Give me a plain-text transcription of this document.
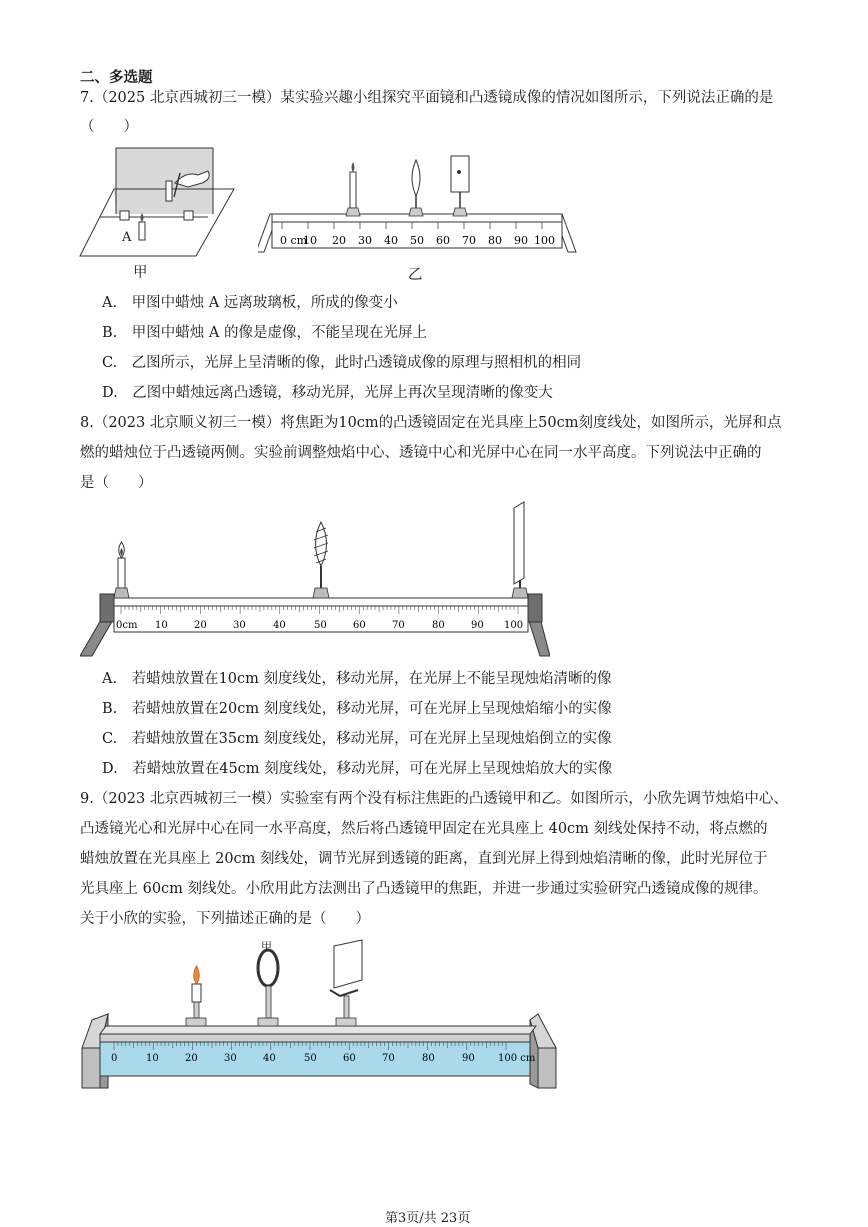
二、多选题
7.（2025 北京西城初三一模）某实验兴趣小组探究平面镜和凸透镜成像的情况如图所示，下列说法正确的是
（　　）
A
甲
0 cm
10 20 30 40 50 60 70 80 90 100
乙
A.　甲图中蜡烛 A 远离玻璃板，所成的像变小
B.　甲图中蜡烛 A 的像是虚像，不能呈现在光屏上
C.　乙图所示，光屏上呈清晰的像，此时凸透镜成像的原理与照相机的相同
D.　乙图中蜡烛远离凸透镜，移动光屏，光屏上再次呈现清晰的像变大
8.（2023 北京顺义初三一模）将焦距为10cm的凸透镜固定在光具座上50cm刻度线处，如图所示，光屏和点
燃的蜡烛位于凸透镜两侧。实验前调整烛焰中心、透镜中心和光屏中心在同一水平高度。下列说法中正确的
是（　　）
0cm 10	20	30	40	50	60	70	80	90 100
A.　若蜡烛放置在10cm 刻度线处，移动光屏，在光屏上不能呈现烛焰清晰的像
B.　若蜡烛放置在20cm 刻度线处，移动光屏，可在光屏上呈现烛焰缩小的实像
C.　若蜡烛放置在35cm 刻度线处，移动光屏，可在光屏上呈现烛焰倒立的实像
D.　若蜡烛放置在45cm 刻度线处，移动光屏，可在光屏上呈现烛焰放大的实像
9.（2023 北京西城初三一模）实验室有两个没有标注焦距的凸透镜甲和乙。如图所示，小欣先调节烛焰中心、
凸透镜光心和光屏中心在同一水平高度，然后将凸透镜甲固定在光具座上 40cm 刻线处保持不动，将点燃的
蜡烛放置在光具座上 20cm 刻线处，调节光屏到透镜的距离，直到光屏上得到烛焰清晰的像，此时光屏位于
光具座上 60cm 刻线处。小欣用此方法测出了凸透镜甲的焦距，并进一步通过实验研究凸透镜成像的规律。
关于小欣的实验，下列描述正确的是（　　）
0	10	20	30	40	50	60	70	80	90 100 cm
甲
第3页/共 23页
